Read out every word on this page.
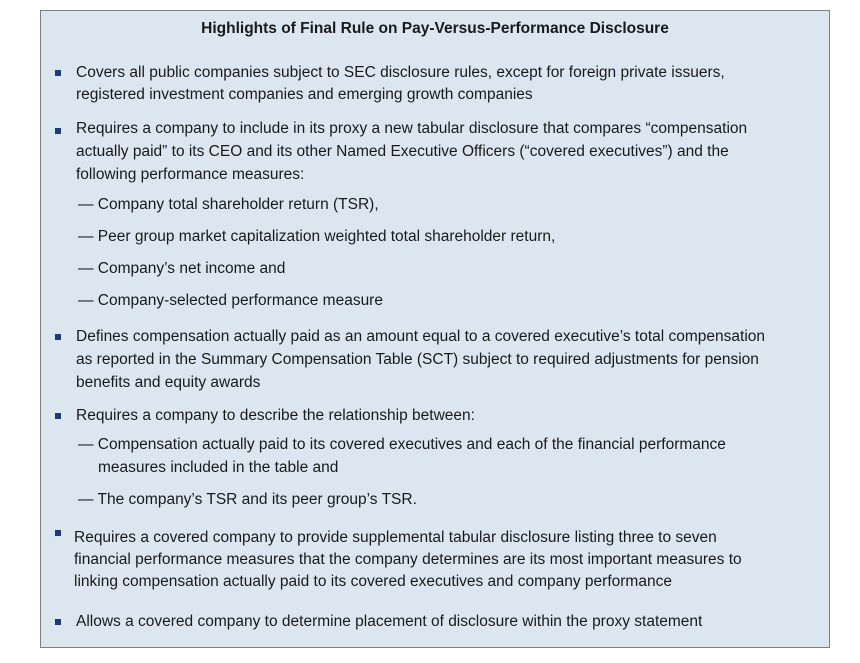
Highlights of Final Rule on Pay-Versus-Performance Disclosure
Covers all public companies subject to SEC disclosure rules, except for foreign private issuers,
registered investment companies and emerging growth companies
Requires a company to include in its proxy a new tabular disclosure that compares “compensation
actually paid” to its CEO and its other Named Executive Officers (“covered executives”) and the
following performance measures:
— Company total shareholder return (TSR),
— Peer group market capitalization weighted total shareholder return,
— Company’s net income and
— Company-selected performance measure
Defines compensation actually paid as an amount equal to a covered executive’s total compensation
as reported in the Summary Compensation Table (SCT) subject to required adjustments for pension
benefits and equity awards
Requires a company to describe the relationship between:
— Compensation actually paid to its covered executives and each of the financial performance
measures included in the table and
— The company’s TSR and its peer group’s TSR.
Requires a covered company to provide supplemental tabular disclosure listing three to seven
financial performance measures that the company determines are its most important measures to
linking compensation actually paid to its covered executives and company performance
Allows a covered company to determine placement of disclosure within the proxy statement
